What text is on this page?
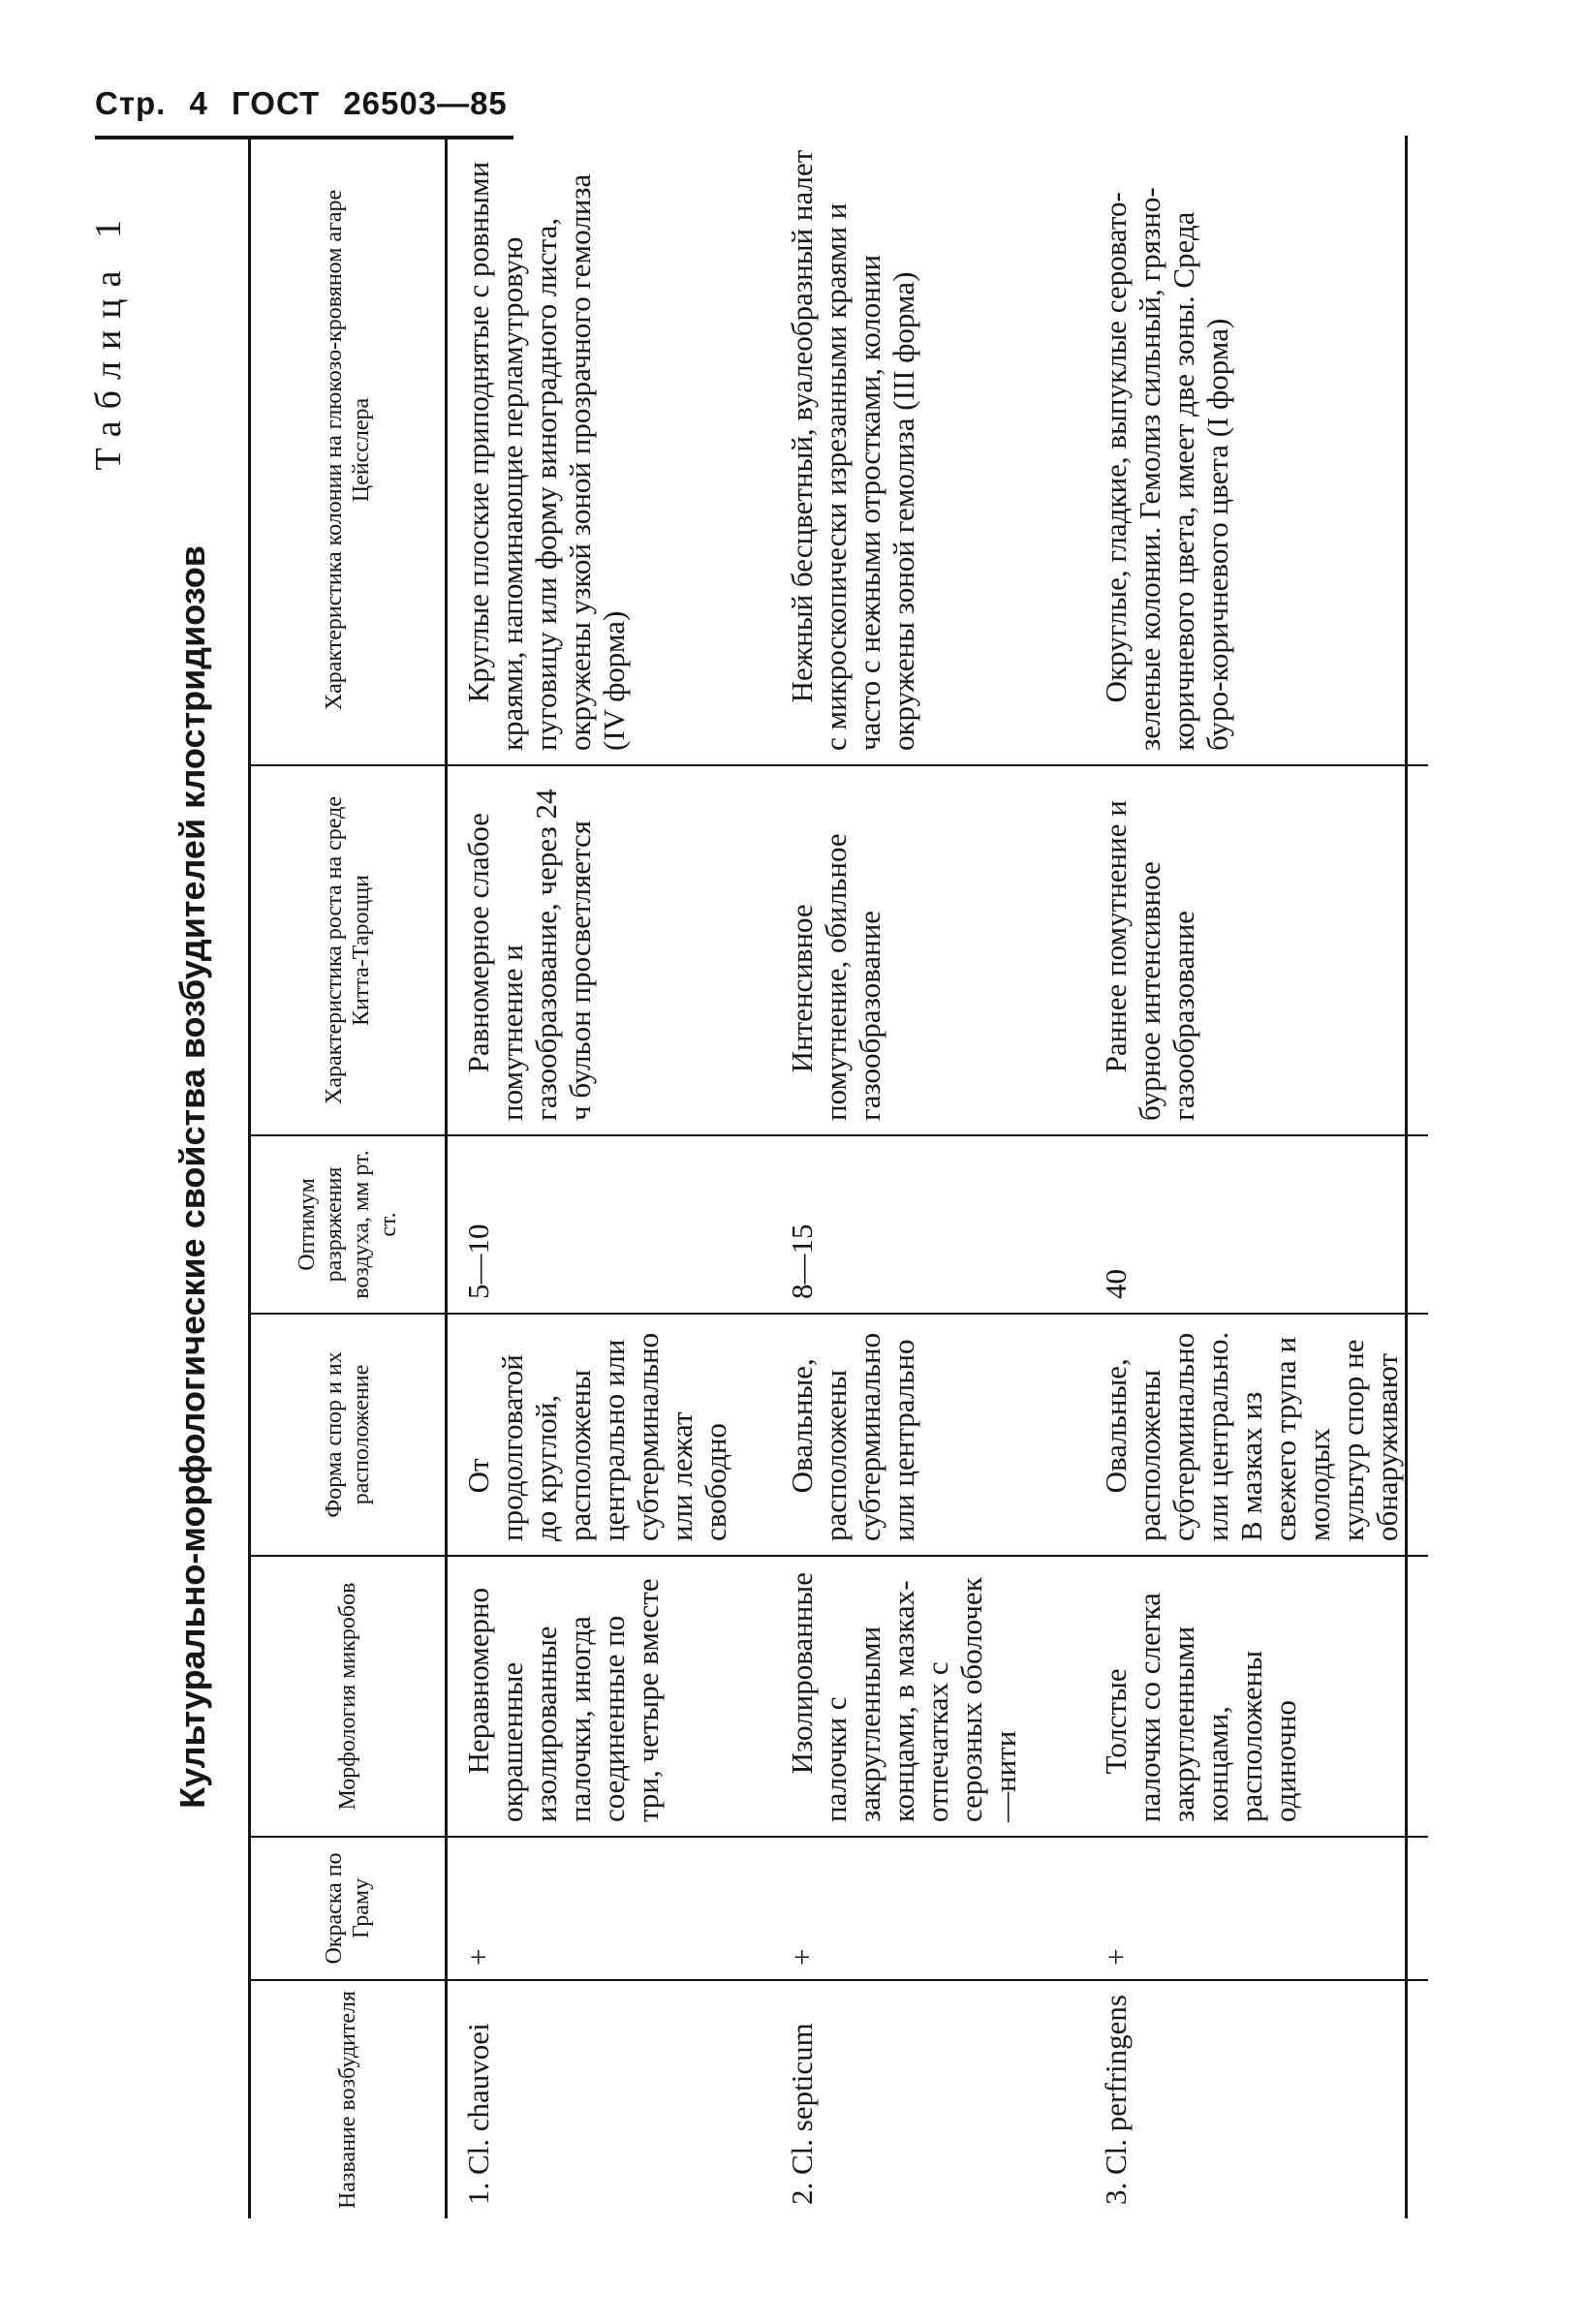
Стр. 4 ГОСТ 26503—85
Таблица 1
Культурально-морфологические свойства возбудителей клостридиозов
Название возбудителя	Окраска по Граму	Морфология микробов	Форма спор и их расположение	Оптимум разряжения воздуха, мм рт. ст.	Характеристика роста на среде Китта-Тароцци	Характеристика колонии на глюкозо-кровяном агаре Цейсслера
1. Cl. chauvoei	+	Неравномерно окрашенные изолированные палочки, иногда соединенные по три, четыре вместе	От продолговатой до круглой, расположены центрально или субтерминально или лежат свободно	5—10	Равномерное слабое помутнение и газообразование, через 24 ч бульон просветляется	Круглые плоские приподнятые с ровными краями, напоминающие перламутровую пуговицу или форму виноградного листа, окружены узкой зоной прозрачного гемолиза (IV форма)
2. Cl. septicum	+	Изолированные палочки с закругленными концами, в мазках-отпечатках с серозных оболочек—нити	Овальные, расположены субтерминально или центрально	8—15	Интенсивное помутнение, обильное газообразование	Нежный бесцветный, вуалеобразный налет с микроскопически изрезанными краями и частo с нежными отростками, колонии окружены зоной гемолиза (III форма)
3. Cl. perfringens	+	Толстые палочки со слегка закругленными концами, расположены одиночно	Овальные, расположены субтерминально или центрально. В мазках из свежего трупа и молодых культур спор не обнаруживают	40	Раннее помутнение и бурное интенсивное газообразование	Округлые, гладкие, выпуклые серовато-зеленые колонии. Гемолиз сильный, грязно-коричневого цвета, имеет две зоны. Среда буро-коричневого цвета (I форма)
